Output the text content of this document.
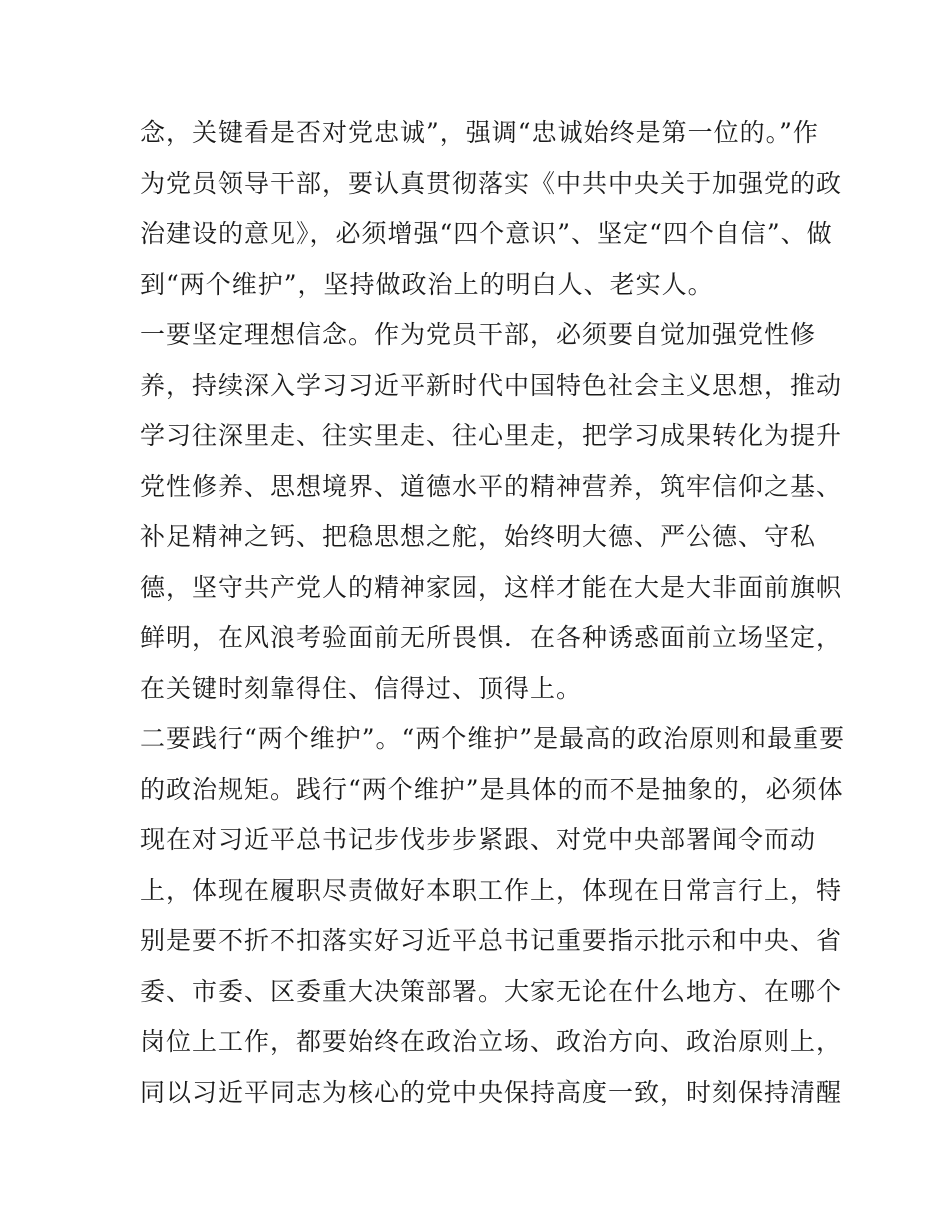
念，关键看是否对党忠诚”，强调“忠诚始终是第一位的。”作
为党员领导干部，要认真贯彻落实《中共中央关于加强党的政
治建设的意见》，必须增强“四个意识”、坚定“四个自信”、做
到“两个维护”，坚持做政治上的明白人、老实人。
一要坚定理想信念。作为党员干部，必须要自觉加强党性修
养，持续深入学习习近平新时代中国特色社会主义思想，推动
学习往深里走、往实里走、往心里走，把学习成果转化为提升
党性修养、思想境界、道德水平的精神营养，筑牢信仰之基、
补足精神之钙、把稳思想之舵，始终明大德、严公德、守私
德，坚守共产党人的精神家园，这样才能在大是大非面前旗帜
鲜明，在风浪考验面前无所畏惧．在各种诱惑面前立场坚定，
在关键时刻靠得住、信得过、顶得上。
二要践行“两个维护”。“两个维护”是最高的政治原则和最重要
的政治规矩。践行“两个维护”是具体的而不是抽象的，必须体
现在对习近平总书记步伐步步紧跟、对党中央部署闻令而动
上，体现在履职尽责做好本职工作上，体现在日常言行上，特
别是要不折不扣落实好习近平总书记重要指示批示和中央、省
委、市委、区委重大决策部署。大家无论在什么地方、在哪个
岗位上工作，都要始终在政治立场、政治方向、政治原则上，
同以习近平同志为核心的党中央保持高度一致，时刻保持清醒
